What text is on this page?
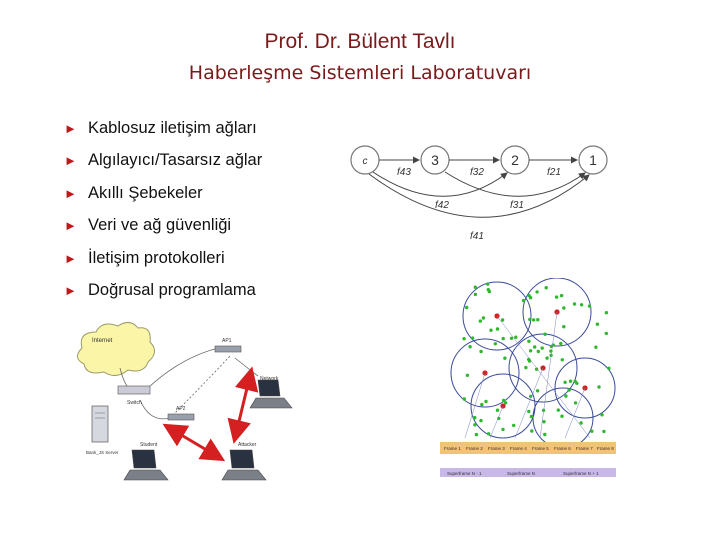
Prof. Dr. Bülent Tavlı
Haberleşme Sistemleri Laboratuvarı
► Kablosuz iletişim ağları
► Algılayıcı/Tasarsız ağlar
► Akıllı Şebekeler
► Veri ve ağ güvenliği
► İletişim protokolleri
► Doğrusal programlama
c	3	2	1
f43	f32	f21
f42	f31
f41
Internet
Switch
AP1
AP2
Bank_JS Server
Network
Student	Attacker
Frame 1 Frame 2 Frame 3 Frame 4 Frame 5 Frame 6 Frame 7 Frame 8
Superframe N - 1	Superframe N	Superframe N + 1
